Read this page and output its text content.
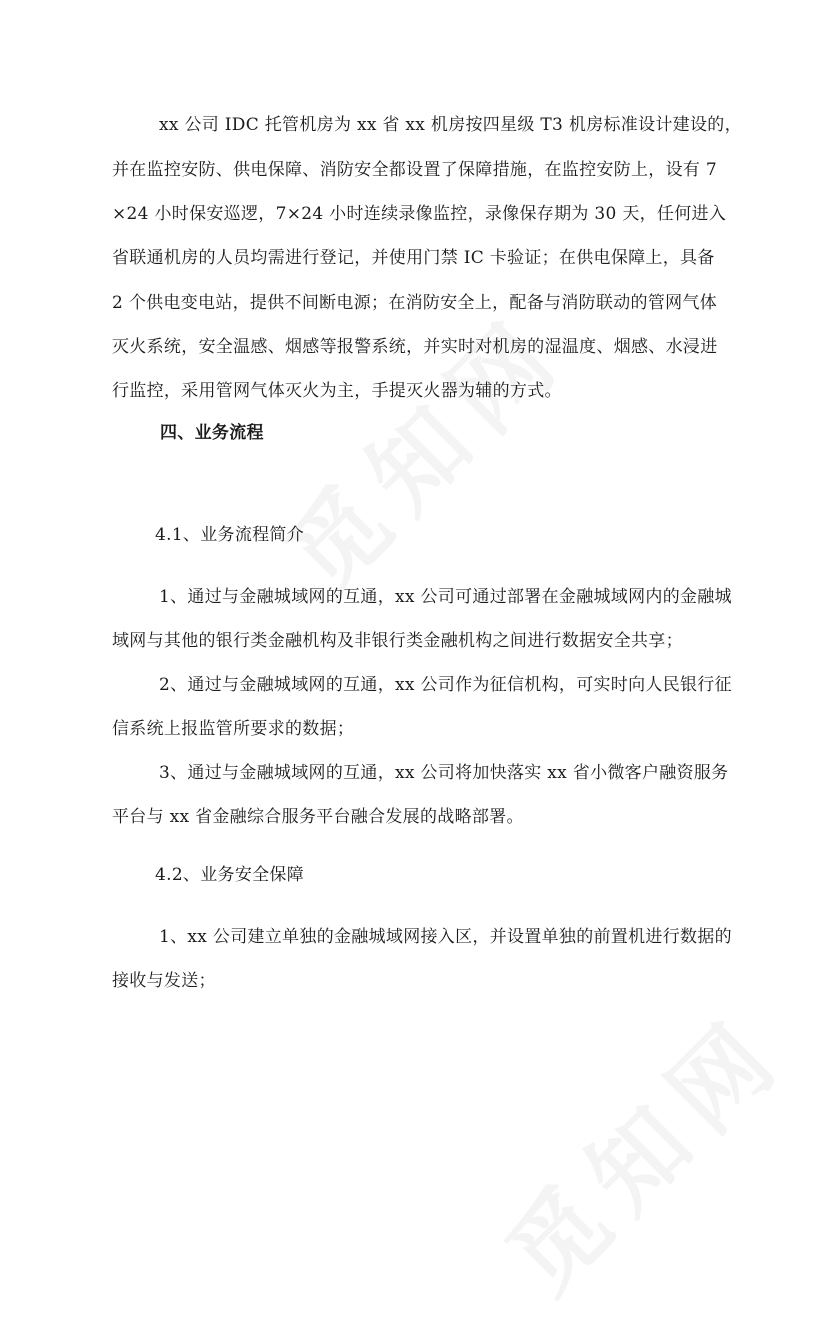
xx 公司 IDC 托管机房为 xx 省 xx 机房按四星级 T3 机房标准设计建设的，
并在监控安防、供电保障、消防安全都设置了保障措施，在监控安防上，设有 7
×24 小时保安巡逻，7×24 小时连续录像监控，录像保存期为 30 天，任何进入
省联通机房的人员均需进行登记，并使用门禁 IC 卡验证；在供电保障上，具备
2 个供电变电站，提供不间断电源；在消防安全上，配备与消防联动的管网气体
灭火系统，安全温感、烟感等报警系统，并实时对机房的湿温度、烟感、水浸进
行监控，采用管网气体灭火为主，手提灭火器为辅的方式。
四、业务流程
4.1、业务流程简介
1、通过与金融城域网的互通，xx 公司可通过部署在金融城域网内的金融城
域网与其他的银行类金融机构及非银行类金融机构之间进行数据安全共享；
2、通过与金融城域网的互通，xx 公司作为征信机构，可实时向人民银行征
信系统上报监管所要求的数据；
3、通过与金融城域网的互通，xx 公司将加快落实 xx 省小微客户融资服务
平台与 xx 省金融综合服务平台融合发展的战略部署。
4.2、业务安全保障
1、xx 公司建立单独的金融城域网接入区，并设置单独的前置机进行数据的
接收与发送；
